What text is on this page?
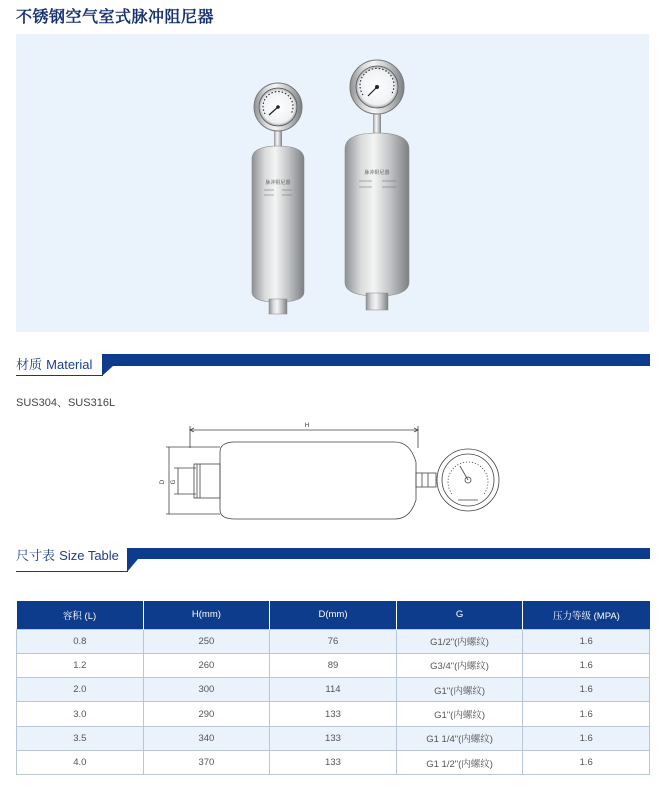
不锈钢空气室式脉冲阻尼器
脉冲阻尼器
脉冲阻尼器
材质 Material
SUS304、SUS316L
H
D G
尺寸表 Size Table
容积 (L)	H(mm)	D(mm)	G	压力等级 (MPA)
0.8	250	76	G1/2"(内螺纹)	1.6
1.2	260	89	G3/4"(内螺纹)	1.6
2.0	300	114	G1"(内螺纹)	1.6
3.0	290	133	G1"(内螺纹)	1.6
3.5	340	133	G1 1/4"(内螺纹)	1.6
4.0	370	133	G1 1/2"(内螺纹)	1.6
